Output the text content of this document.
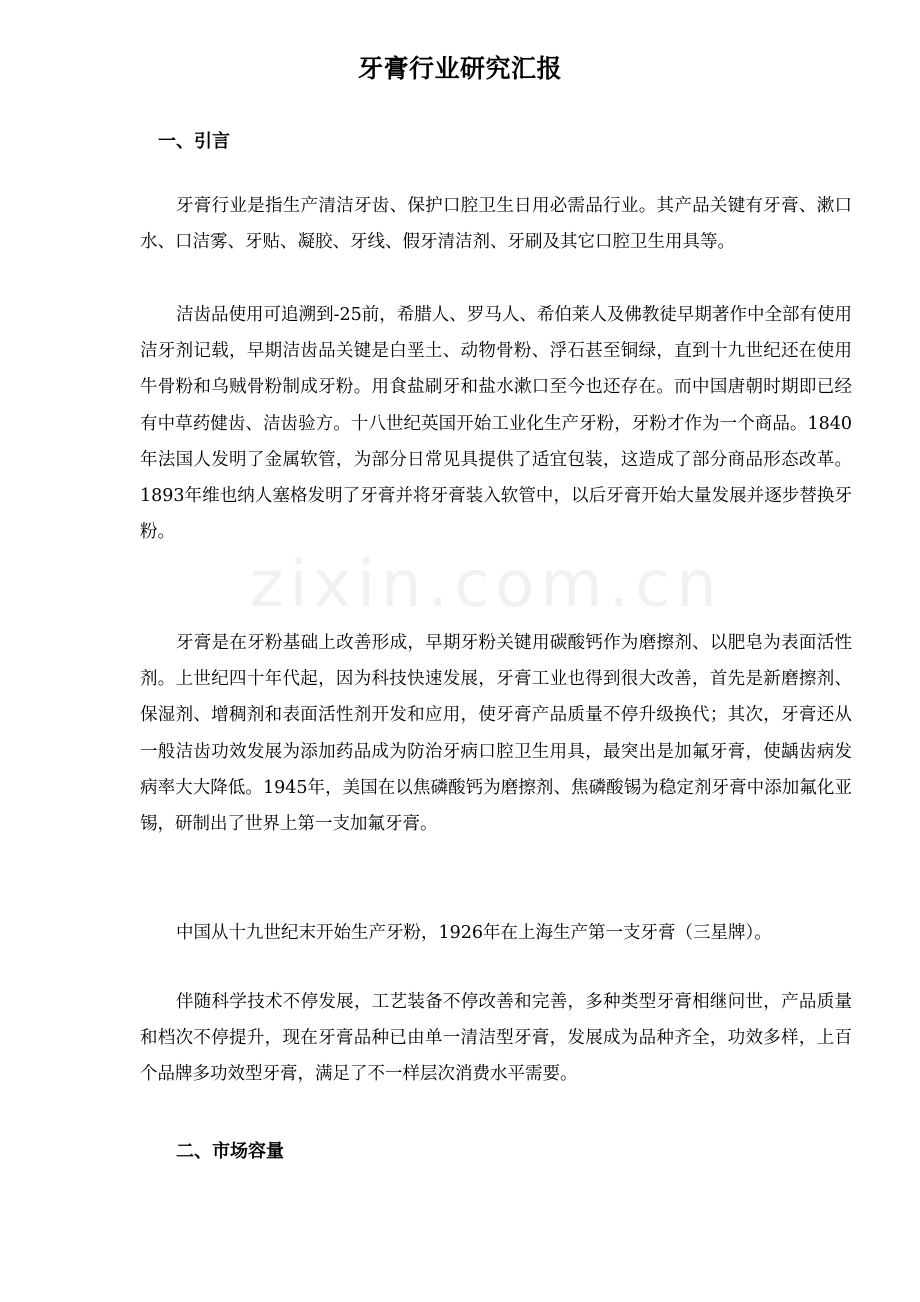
zixin.com.cn
牙膏行业研究汇报
一、引言

牙膏行业是指生产清洁牙齿、保护口腔卫生日用必需品行业。其产品关键有牙膏、漱口水、口洁雾、牙贴、凝胶、牙线、假牙清洁剂、牙刷及其它口腔卫生用具等。

洁齿品使用可追溯到-25前，希腊人、罗马人、希伯莱人及佛教徒早期著作中全部有使用洁牙剂记载，早期洁齿品关键是白垩土、动物骨粉、浮石甚至铜绿，直到十九世纪还在使用牛骨粉和乌贼骨粉制成牙粉。用食盐刷牙和盐水漱口至今也还存在。而中国唐朝时期即已经有中草药健齿、洁齿验方。十八世纪英国开始工业化生产牙粉，牙粉才作为一个商品。1840年法国人发明了金属软管，为部分日常见具提供了适宜包装，这造成了部分商品形态改革。1893年维也纳人塞格发明了牙膏并将牙膏装入软管中，以后牙膏开始大量发展并逐步替换牙粉。

牙膏是在牙粉基础上改善形成，早期牙粉关键用碳酸钙作为磨擦剂、以肥皂为表面活性剂。上世纪四十年代起，因为科技快速发展，牙膏工业也得到很大改善，首先是新磨擦剂、保湿剂、增稠剂和表面活性剂开发和应用，使牙膏产品质量不停升级换代；其次，牙膏还从一般洁齿功效发展为添加药品成为防治牙病口腔卫生用具，最突出是加氟牙膏，使龋齿病发病率大大降低。1945年，美国在以焦磷酸钙为磨擦剂、焦磷酸锡为稳定剂牙膏中添加氟化亚锡，研制出了世界上第一支加氟牙膏。

中国从十九世纪末开始生产牙粉，1926年在上海生产第一支牙膏（三星牌）。

伴随科学技术不停发展，工艺装备不停改善和完善，多种类型牙膏相继问世，产品质量和档次不停提升，现在牙膏品种已由单一清洁型牙膏，发展成为品种齐全，功效多样，上百个品牌多功效型牙膏，满足了不一样层次消费水平需要。

二、市场容量
